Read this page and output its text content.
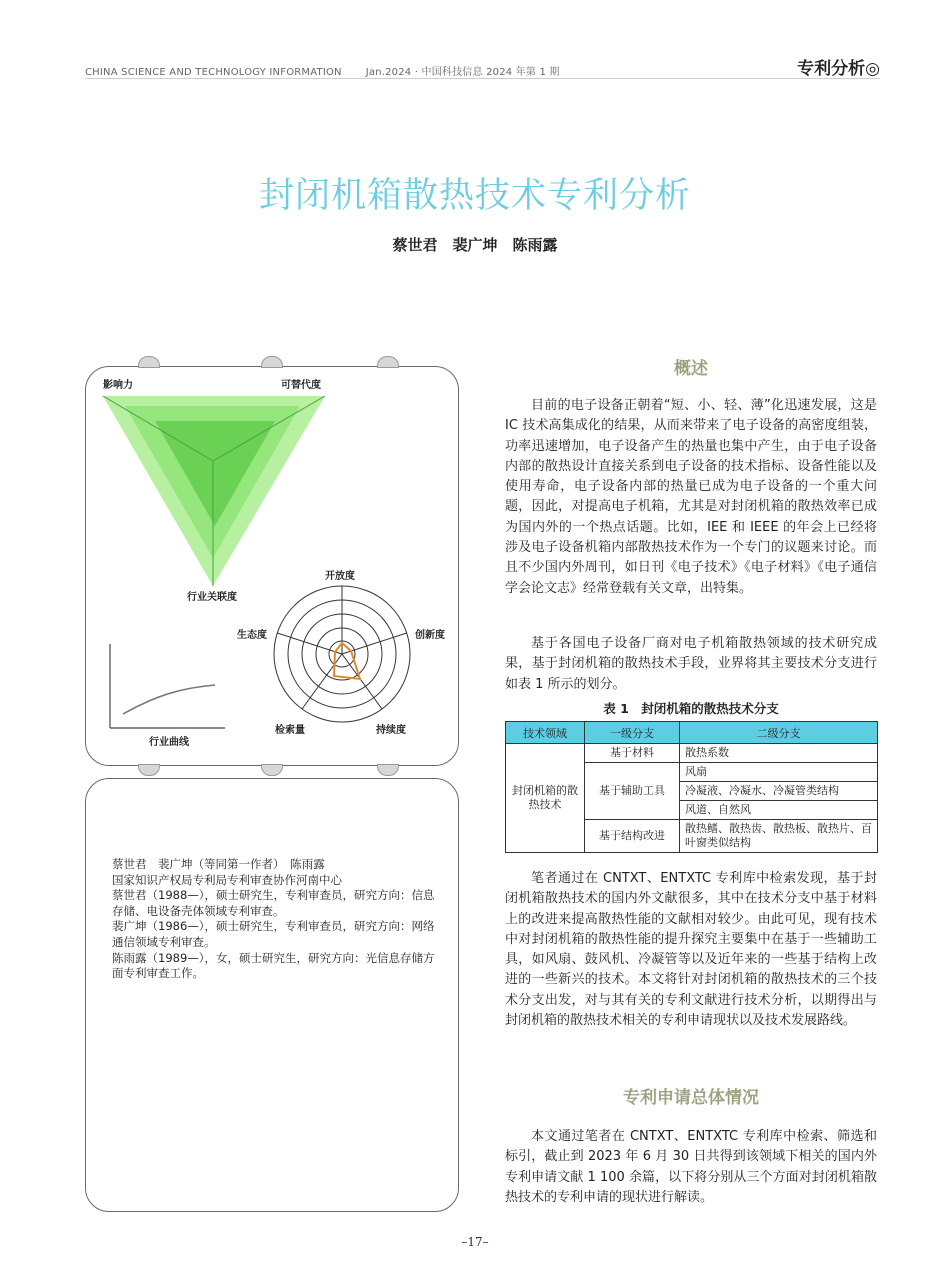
CHINA SCIENCE AND TECHNOLOGY INFORMATION Jan.2024 · 中国科技信息 2024 年第 1 期	专利分析◎
封闭机箱散热技术专利分析
蔡世君　裴广坤　陈雨露
影响力	可替代度
行业关联度
开放度
创新度
持续度
检索量
生态度
行业曲线
蔡世君　裴广坤（等同第一作者）　陈雨露
国家知识产权局专利局专利审查协作河南中心
蔡世君（1988—），硕士研究生，专利审查员，研究方向：信息存储、电设备壳体领域专利审查。
裴广坤（1986—），硕士研究生，专利审查员，研究方向：网络通信领域专利审查。
陈雨露（1989—），女，硕士研究生，研究方向：光信息存储方面专利审查工作。
概述

目前的电子设备正朝着“短、小、轻、薄”化迅速发展，这是 IC 技术高集成化的结果，从而来带来了电子设备的高密度组装，功率迅速增加，电子设备产生的热量也集中产生，由于电子设备内部的散热设计直接关系到电子设备的技术指标、设备性能以及使用寿命，电子设备内部的热量已成为电子设备的一个重大问题，因此，对提高电子机箱，尤其是对封闭机箱的散热效率已成为国内外的一个热点话题。比如，IEE 和 IEEE 的年会上已经将涉及电子设备机箱内部散热技术作为一个专门的议题来讨论。而且不少国内外周刊，如日刊《电子技术》《电子材料》《电子通信学会论文志》经常登载有关文章，出特集。

基于各国电子设备厂商对电子机箱散热领域的技术研究成果，基于封闭机箱的散热技术手段，业界将其主要技术分支进行如表 1 所示的划分。

表 1　封闭机箱的散热技术分支
技术领域	一级分支	二级分支
封闭机箱的散热技术	基于材料	散热系数
	基于辅助工具	风扇
		冷凝液、冷凝水、冷凝管类结构
		风道、自然风
	基于结构改进	散热鳍、散热齿、散热板、散热片、百叶窗类似结构

笔者通过在 CNTXT、ENTXTC 专利库中检索发现，基于封闭机箱散热技术的国内外文献很多，其中在技术分支中基于材料上的改进来提高散热性能的文献相对较少。由此可见，现有技术中对封闭机箱的散热性能的提升探究主要集中在基于一些辅助工具，如风扇、鼓风机、冷凝管等以及近年来的一些基于结构上改进的一些新兴的技术。本文将针对封闭机箱的散热技术的三个技术分支出发，对与其有关的专利文献进行技术分析，以期得出与封闭机箱的散热技术相关的专利申请现状以及技术发展路线。

专利申请总体情况

本文通过笔者在 CNTXT、ENTXTC 专利库中检索、筛选和标引，截止到 2023 年 6 月 30 日共得到该领域下相关的国内外专利申请文献 1 100 余篇，以下将分别从三个方面对封闭机箱散热技术的专利申请的现状进行解读。

–17–
